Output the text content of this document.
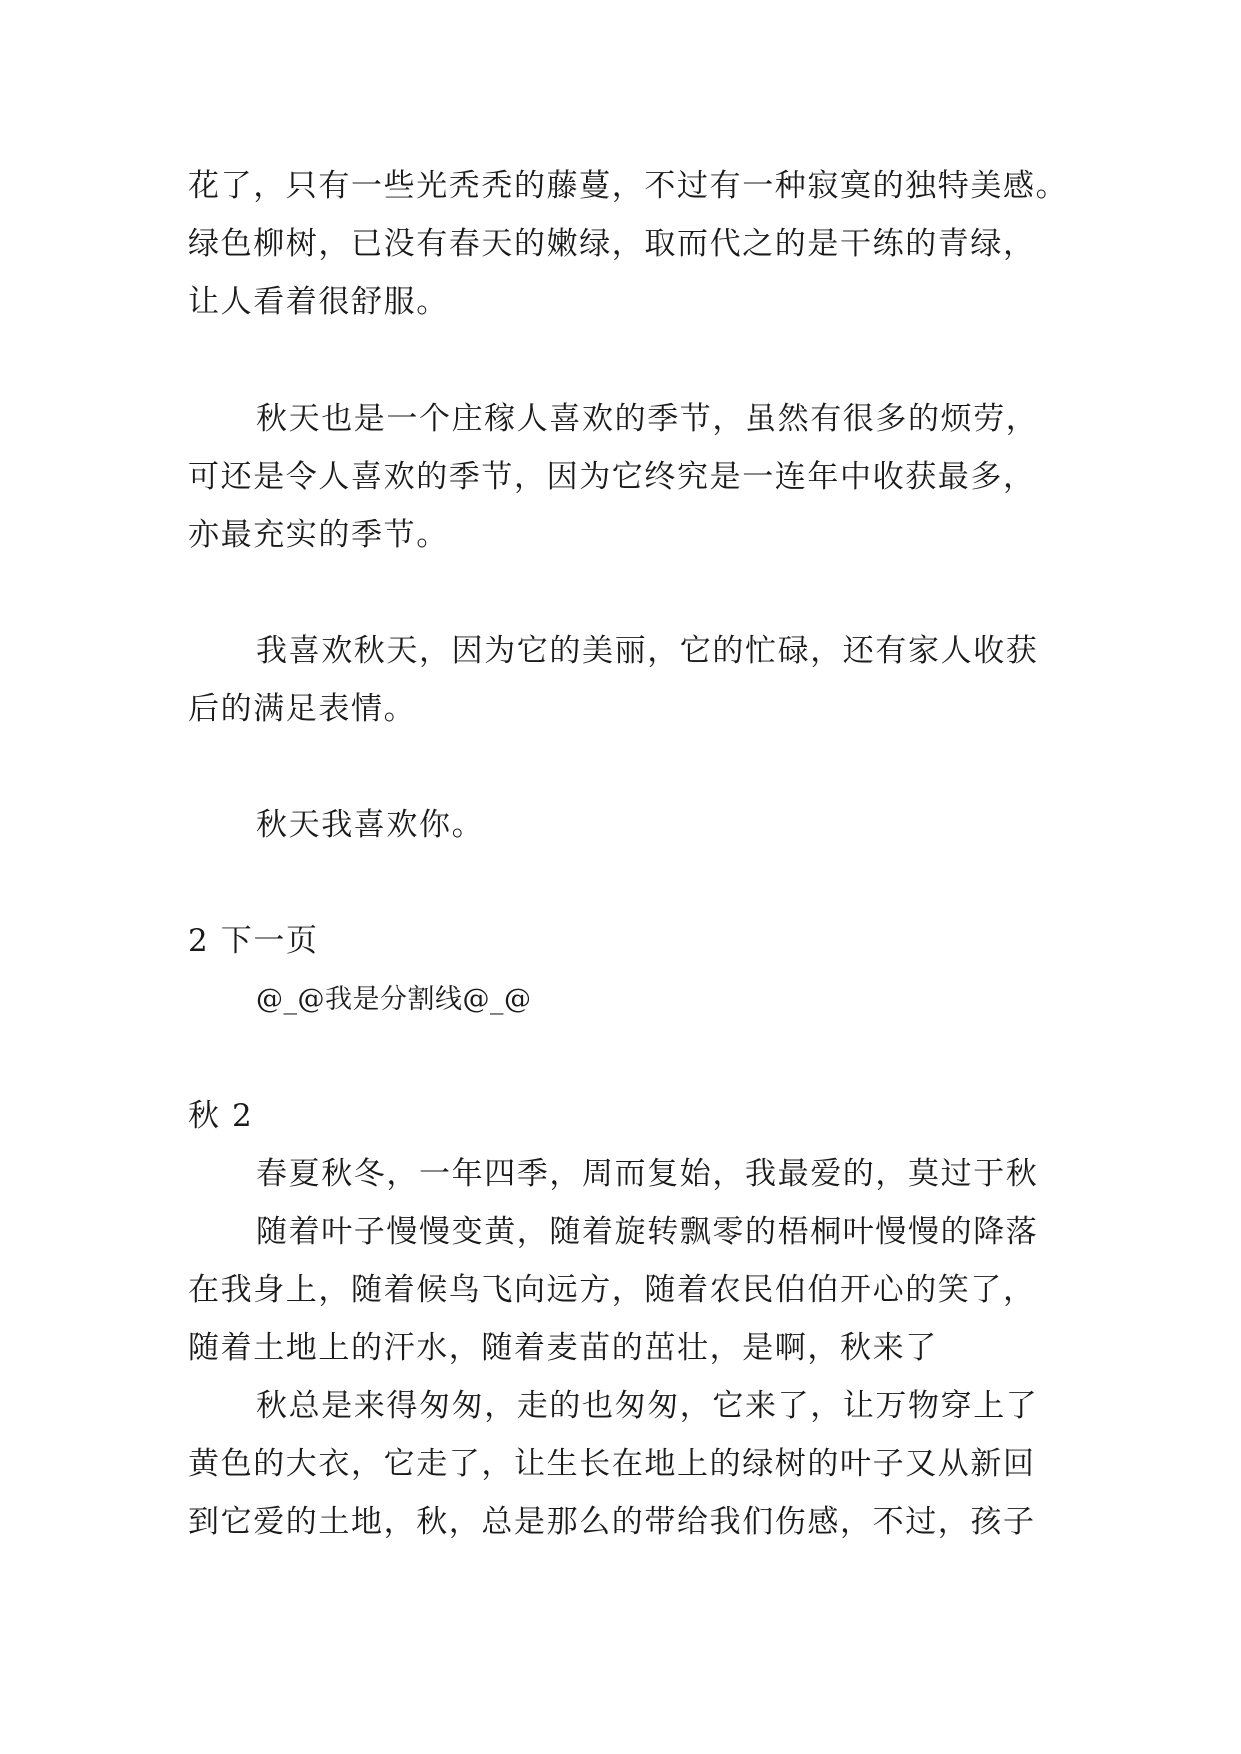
花了，只有一些光秃秃的藤蔓，不过有一种寂寞的独特美感。
绿色柳树，已没有春天的嫩绿，取而代之的是干练的青绿，
让人看着很舒服。
秋天也是一个庄稼人喜欢的季节，虽然有很多的烦劳，
可还是令人喜欢的季节，因为它终究是一连年中收获最多，
亦最充实的季节。
我喜欢秋天，因为它的美丽，它的忙碌，还有家人收获
后的满足表情。
秋天我喜欢你。
2 下一页
@_@我是分割线@_@
秋 2
春夏秋冬，一年四季，周而复始，我最爱的，莫过于秋
随着叶子慢慢变黄，随着旋转飘零的梧桐叶慢慢的降落
在我身上，随着候鸟飞向远方，随着农民伯伯开心的笑了，
随着土地上的汗水，随着麦苗的茁壮，是啊，秋来了
秋总是来得匆匆，走的也匆匆，它来了，让万物穿上了
黄色的大衣，它走了，让生长在地上的绿树的叶子又从新回
到它爱的土地，秋，总是那么的带给我们伤感，不过，孩子
